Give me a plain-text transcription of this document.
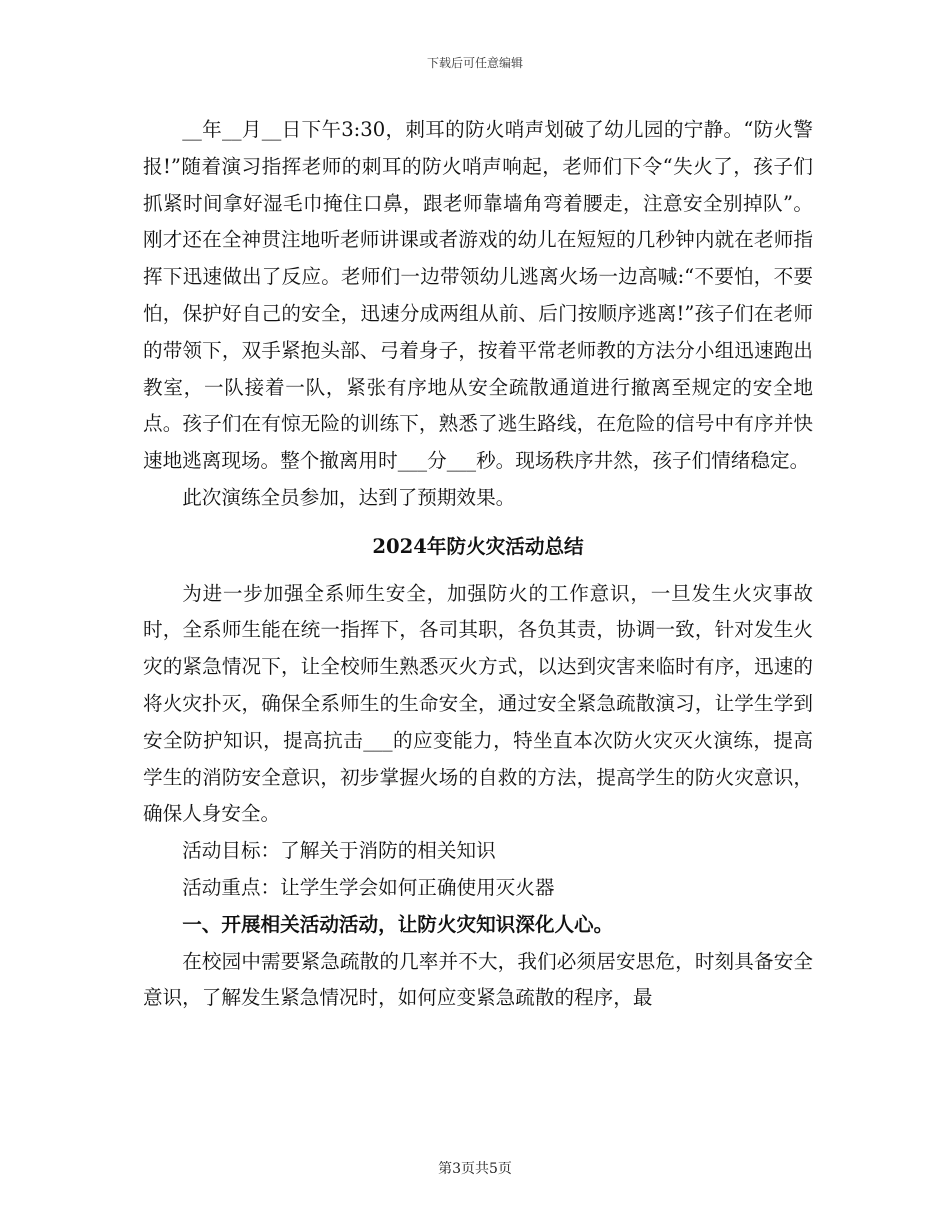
下载后可任意编辑

__年__月__日下午3:30，刺耳的防火哨声划破了幼儿园的宁静。“防火警报!”随着演习指挥老师的刺耳的防火哨声响起，老师们下令“失火了，孩子们抓紧时间拿好湿毛巾掩住口鼻，跟老师靠墙角弯着腰走，注意安全别掉队”。刚才还在全神贯注地听老师讲课或者游戏的幼儿在短短的几秒钟内就在老师指挥下迅速做出了反应。老师们一边带领幼儿逃离火场一边高喊:“不要怕，不要怕，保护好自己的安全，迅速分成两组从前、后门按顺序逃离!”孩子们在老师的带领下，双手紧抱头部、弓着身子，按着平常老师教的方法分小组迅速跑出教室，一队接着一队，紧张有序地从安全疏散通道进行撤离至规定的安全地点。孩子们在有惊无险的训练下，熟悉了逃生路线，在危险的信号中有序并快速地逃离现场。整个撤离用时___分___秒。现场秩序井然，孩子们情绪稳定。

此次演练全员参加，达到了预期效果。

2024年防火灾活动总结

为进一步加强全系师生安全，加强防火的工作意识，一旦发生火灾事故时，全系师生能在统一指挥下，各司其职，各负其责，协调一致，针对发生火灾的紧急情况下，让全校师生熟悉灭火方式，以达到灾害来临时有序，迅速的将火灾扑灭，确保全系师生的生命安全，通过安全紧急疏散演习，让学生学到安全防护知识，提高抗击___的应变能力，特坐直本次防火灾灭火演练，提高学生的消防安全意识，初步掌握火场的自救的方法，提高学生的防火灾意识，确保人身安全。

活动目标：了解关于消防的相关知识

活动重点：让学生学会如何正确使用灭火器

一、开展相关活动活动，让防火灾知识深化人心。

在校园中需要紧急疏散的几率并不大，我们必须居安思危，时刻具备安全意识，了解发生紧急情况时，如何应变紧急疏散的程序，最

第3页共5页
